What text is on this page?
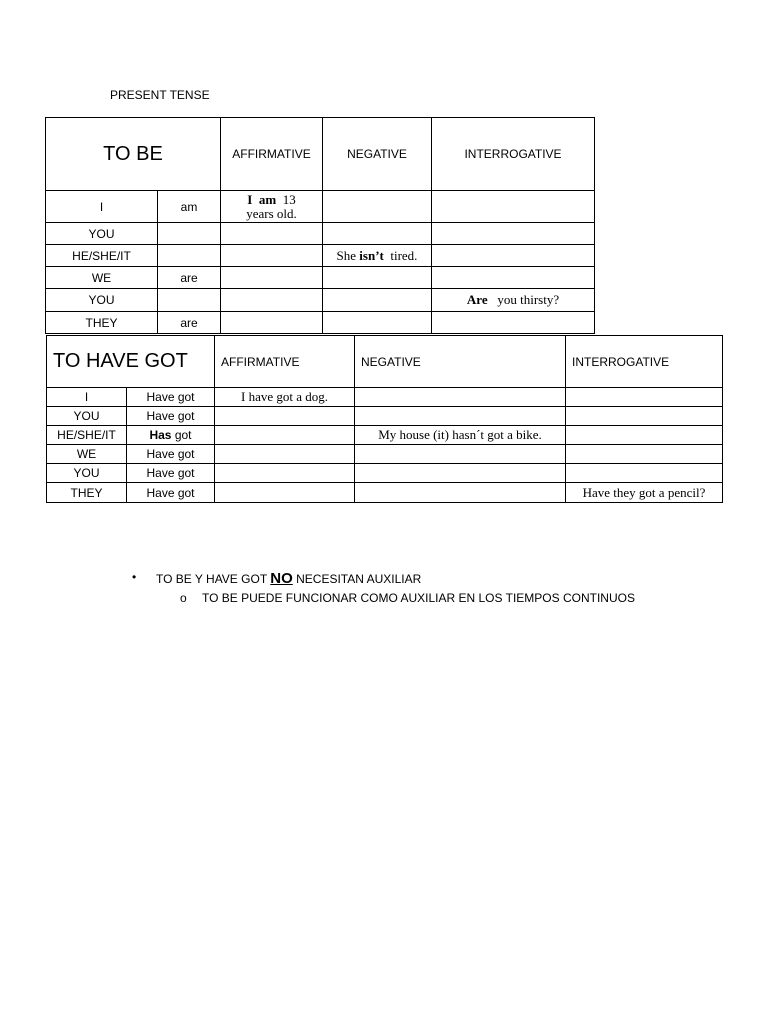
PRESENT TENSE
TO BE		AFFIRMATIVE	NEGATIVE	INTERROGATIVE
I	am	I am 13
years old.		
YOU				
HE/SHE/IT			She isn’t tired.	
WE	are			
YOU				Are you thirsty?
THEY	are			
TO HAVE GOT		AFFIRMATIVE	NEGATIVE	INTERROGATIVE
I	Have got	I have got a dog.		
YOU	Have got			
HE/SHE/IT	Has got		My house (it) hasn´t got a bike.	
WE	Have got			
YOU	Have got			
THEY	Have got			Have they got a pencil?
• TO BE Y HAVE GOT NO NECESITAN AUXILIAR
o TO BE PUEDE FUNCIONAR COMO AUXILIAR EN LOS TIEMPOS CONTINUOS
